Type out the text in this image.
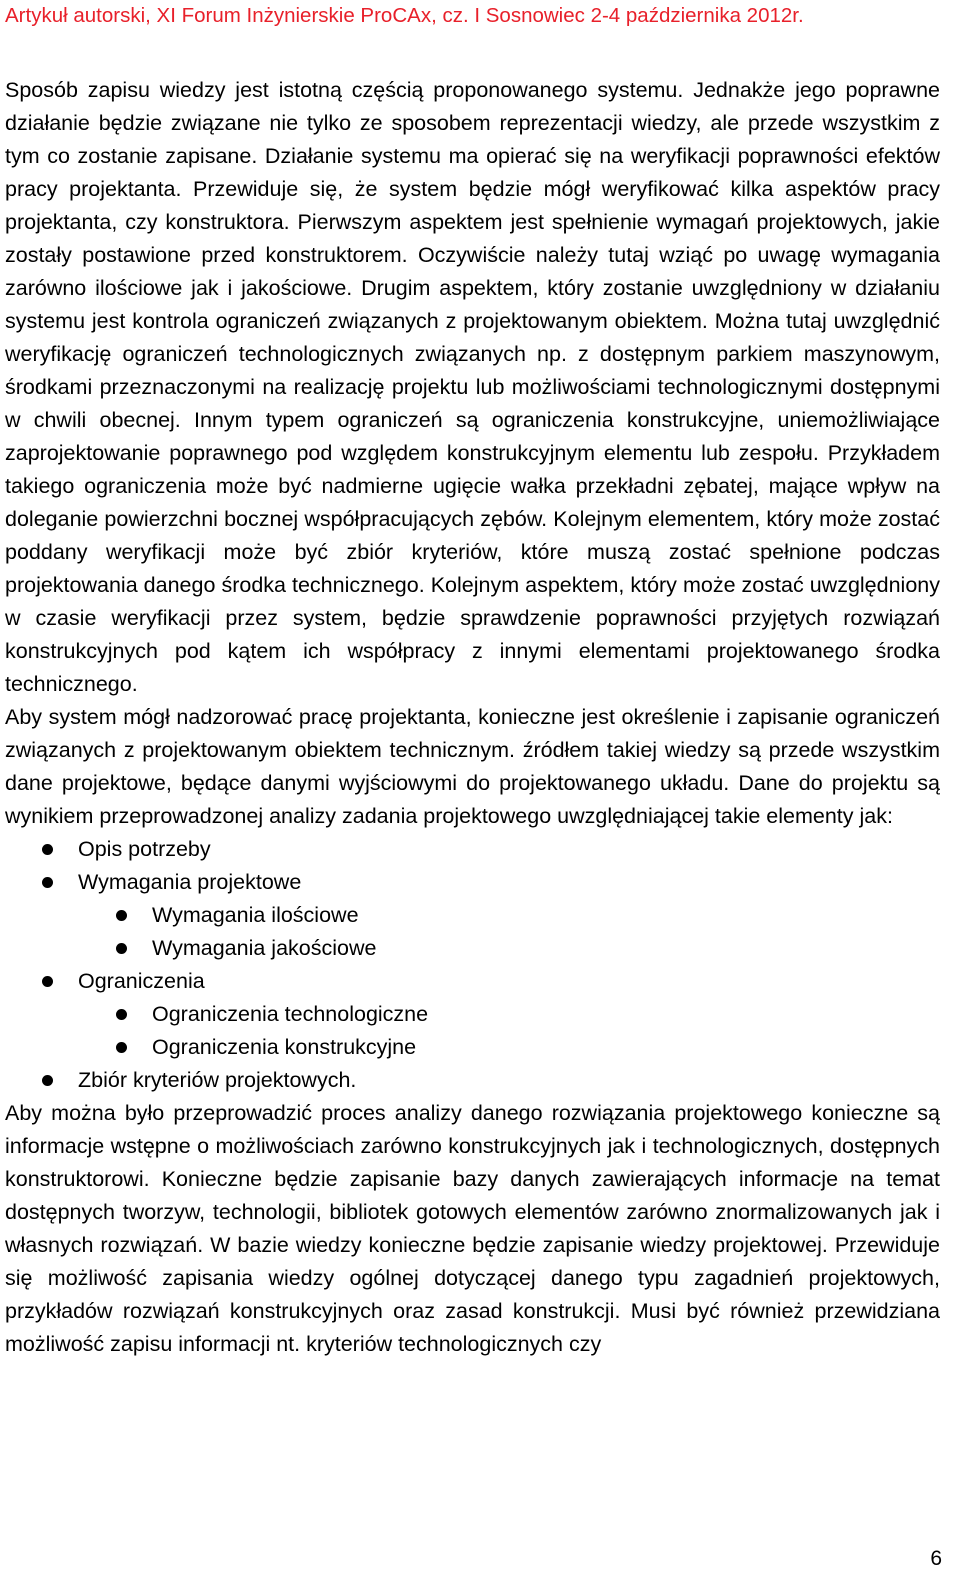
Artykuł autorski, XI Forum Inżynierskie ProCAx, cz. I Sosnowiec 2-4 października 2012r.

Sposób zapisu wiedzy jest istotną częścią proponowanego systemu. Jednakże jego poprawne działanie będzie związane nie tylko ze sposobem reprezentacji wiedzy, ale przede wszystkim z tym co zostanie zapisane. Działanie systemu ma opierać się na weryfikacji poprawności efektów pracy projektanta. Przewiduje się, że system będzie mógł weryfikować kilka aspektów pracy projektanta, czy konstruktora. Pierwszym aspektem jest spełnienie wymagań projektowych, jakie zostały postawione przed konstruktorem. Oczywiście należy tutaj wziąć po uwagę wymagania zarówno ilościowe jak i jakościowe. Drugim aspektem, który zostanie uwzględniony w działaniu systemu jest kontrola ograniczeń związanych z projektowanym obiektem. Można tutaj uwzględnić weryfikację ograniczeń technologicznych związanych np. z dostępnym parkiem maszynowym, środkami przeznaczonymi na realizację projektu lub możliwościami technologicznymi dostępnymi w chwili obecnej. Innym typem ograniczeń są ograniczenia konstrukcyjne, uniemożliwiające zaprojektowanie poprawnego pod względem konstrukcyjnym elementu lub zespołu. Przykładem takiego ograniczenia może być nadmierne ugięcie wałka przekładni zębatej, mające wpływ na doleganie powierzchni bocznej współpracujących zębów. Kolejnym elementem, który może zostać poddany weryfikacji może być zbiór kryteriów, które muszą zostać spełnione podczas projektowania danego środka technicznego. Kolejnym aspektem, który może zostać uwzględniony w czasie weryfikacji przez system, będzie sprawdzenie poprawności przyjętych rozwiązań konstrukcyjnych pod kątem ich współpracy z innymi elementami projektowanego środka technicznego.

Aby system mógł nadzorować pracę projektanta, konieczne jest określenie i zapisanie ograniczeń związanych z projektowanym obiektem technicznym. źródłem takiej wiedzy są przede wszystkim dane projektowe, będące danymi wyjściowymi do projektowanego układu. Dane do projektu są wynikiem przeprowadzonej analizy zadania projektowego uwzględniającej takie elementy jak:

Opis potrzeby
Wymagania projektowe
Wymagania ilościowe
Wymagania jakościowe
Ograniczenia
Ograniczenia technologiczne
Ograniczenia konstrukcyjne
Zbiór kryteriów projektowych.

Aby można było przeprowadzić proces analizy danego rozwiązania projektowego konieczne są informacje wstępne o możliwościach zarówno konstrukcyjnych jak i technologicznych, dostępnych konstruktorowi. Konieczne będzie zapisanie bazy danych zawierających informacje na temat dostępnych tworzyw, technologii, bibliotek gotowych elementów zarówno znormalizowanych jak i własnych rozwiązań. W bazie wiedzy konieczne będzie zapisanie wiedzy projektowej. Przewiduje się możliwość zapisania wiedzy ogólnej dotyczącej danego typu zagadnień projektowych, przykładów rozwiązań konstrukcyjnych oraz zasad konstrukcji. Musi być również przewidziana możliwość zapisu informacji nt. kryteriów technologicznych czy

6
